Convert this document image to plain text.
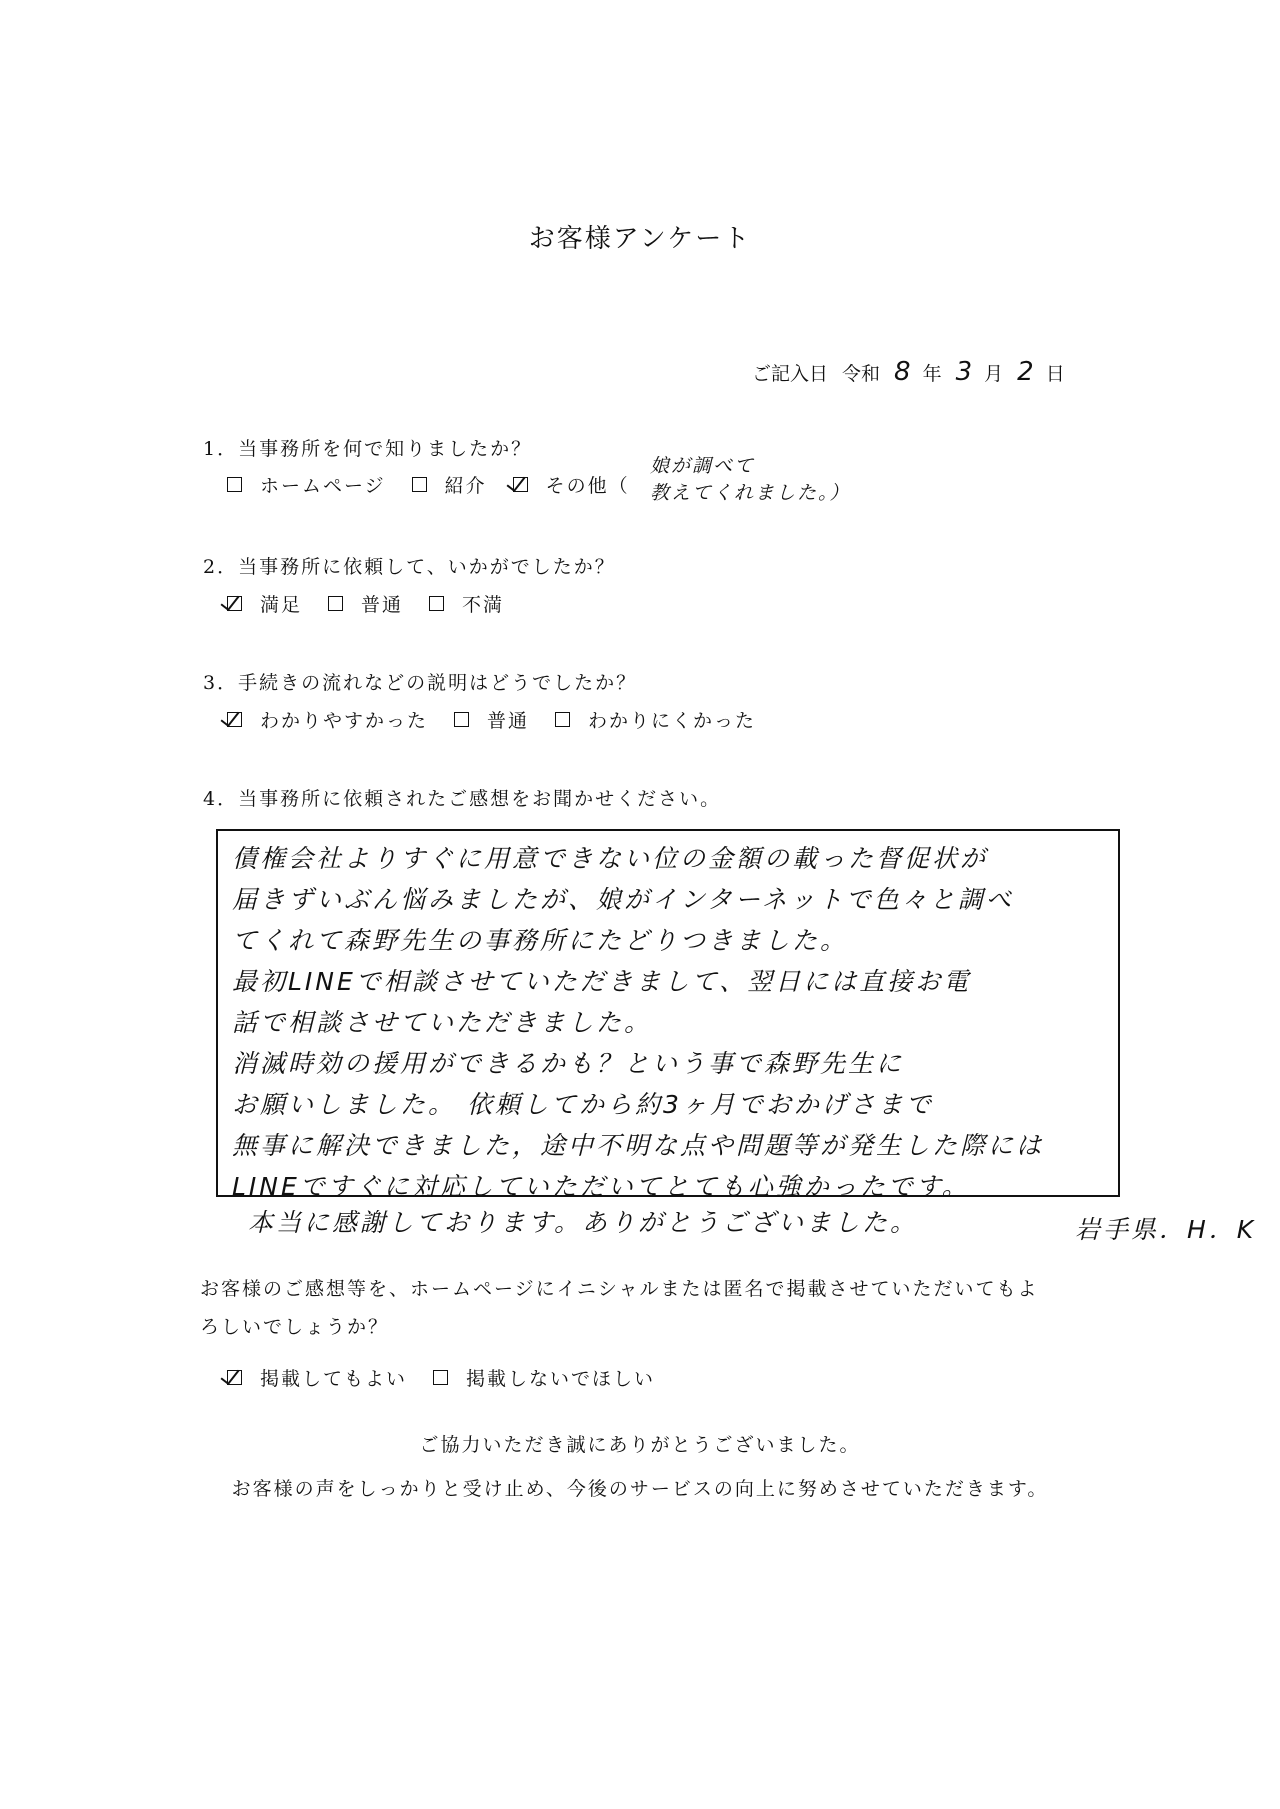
お客様アンケート
ご記入日 令和 8 年 3 月 2 日
1．当事務所を何で知りましたか？
ホームページ	紹介	その他（
娘が調べて
教えてくれました。）
2．当事務所に依頼して、いかがでしたか？
満足	普通	不満
3．手続きの流れなどの説明はどうでしたか？
わかりやすかった	普通	わかりにくかった
4．当事務所に依頼されたご感想をお聞かせください。
債権会社よりすぐに用意できない位の金額の載った督促状が
届きずいぶん悩みましたが、娘がインターネットで色々と調べ
てくれて森野先生の事務所にたどりつきました。
最初LINEで相談させていただきまして、翌日には直接お電
話で相談させていただきました。
消滅時効の援用ができるかも？という事で森野先生に
お願いしました。 依頼してから約3ヶ月でおかげさまで
無事に解決できました，途中不明な点や問題等が発生した際には
LINEですぐに対応していただいてとても心強かったです。
本当に感謝しております。ありがとうございました。	岩手県．H．K
お客様のご感想等を、ホームページにイニシャルまたは匿名で掲載させていただいてもよ
ろしいでしょうか？
掲載してもよい	掲載しないでほしい
ご協力いただき誠にありがとうございました。
お客様の声をしっかりと受け止め、今後のサービスの向上に努めさせていただきます。
